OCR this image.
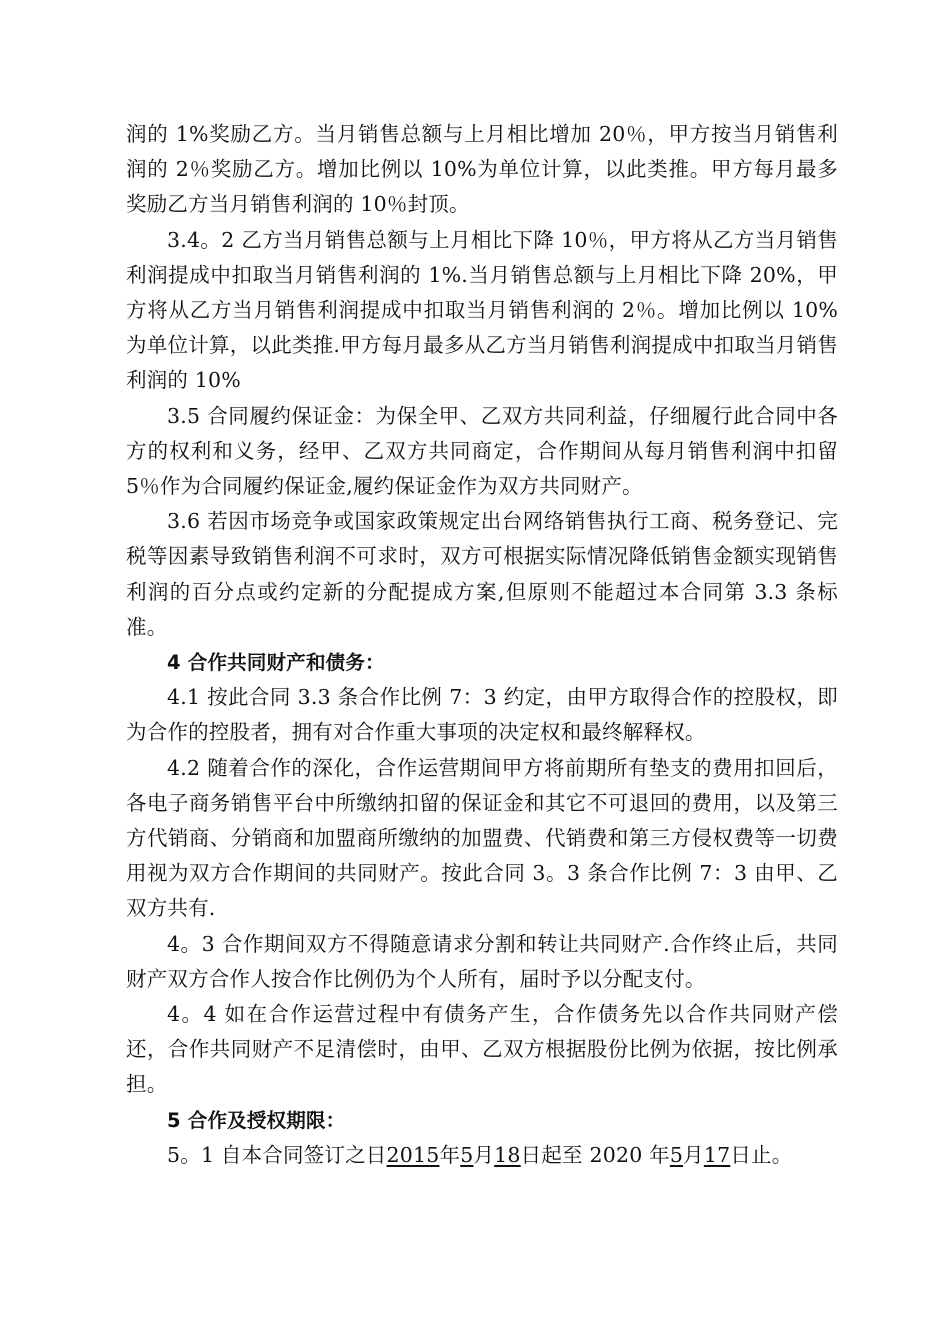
润的 1%奖励乙方。当月销售总额与上月相比增加 20％，甲方按当月销售利润的 2％奖励乙方。增加比例以 10%为单位计算，以此类推。甲方每月最多奖励乙方当月销售利润的 10％封顶。

3.4。2 乙方当月销售总额与上月相比下降 10％，甲方将从乙方当月销售利润提成中扣取当月销售利润的 1%.当月销售总额与上月相比下降 20%，甲方将从乙方当月销售利润提成中扣取当月销售利润的 2％。增加比例以 10%为单位计算，以此类推.甲方每月最多从乙方当月销售利润提成中扣取当月销售利润的 10%

3.5 合同履约保证金：为保全甲、乙双方共同利益，仔细履行此合同中各方的权利和义务，经甲、乙双方共同商定，合作期间从每月销售利润中扣留 5％作为合同履约保证金,履约保证金作为双方共同财产。

3.6 若因市场竞争或国家政策规定出台网络销售执行工商、税务登记、完税等因素导致销售利润不可求时，双方可根据实际情况降低销售金额实现销售利润的百分点或约定新的分配提成方案,但原则不能超过本合同第 3.3 条标准。

4 合作共同财产和债务：

4.1 按此合同 3.3 条合作比例 7：3 约定，由甲方取得合作的控股权，即为合作的控股者，拥有对合作重大事项的决定权和最终解释权。

4.2 随着合作的深化，合作运营期间甲方将前期所有垫支的费用扣回后，各电子商务销售平台中所缴纳扣留的保证金和其它不可退回的费用，以及第三方代销商、分销商和加盟商所缴纳的加盟费、代销费和第三方侵权费等一切费用视为双方合作期间的共同财产。按此合同 3。3 条合作比例 7：3 由甲、乙双方共有.

4。3 合作期间双方不得随意请求分割和转让共同财产.合作终止后，共同财产双方合作人按合作比例仍为个人所有，届时予以分配支付。

4。4 如在合作运营过程中有债务产生，合作债务先以合作共同财产偿还，合作共同财产不足清偿时，由甲、乙双方根据股份比例为依据，按比例承担。

5 合作及授权期限：

5。1 自本合同签订之日2015年5月18日起至 2020 年5月17日止。
